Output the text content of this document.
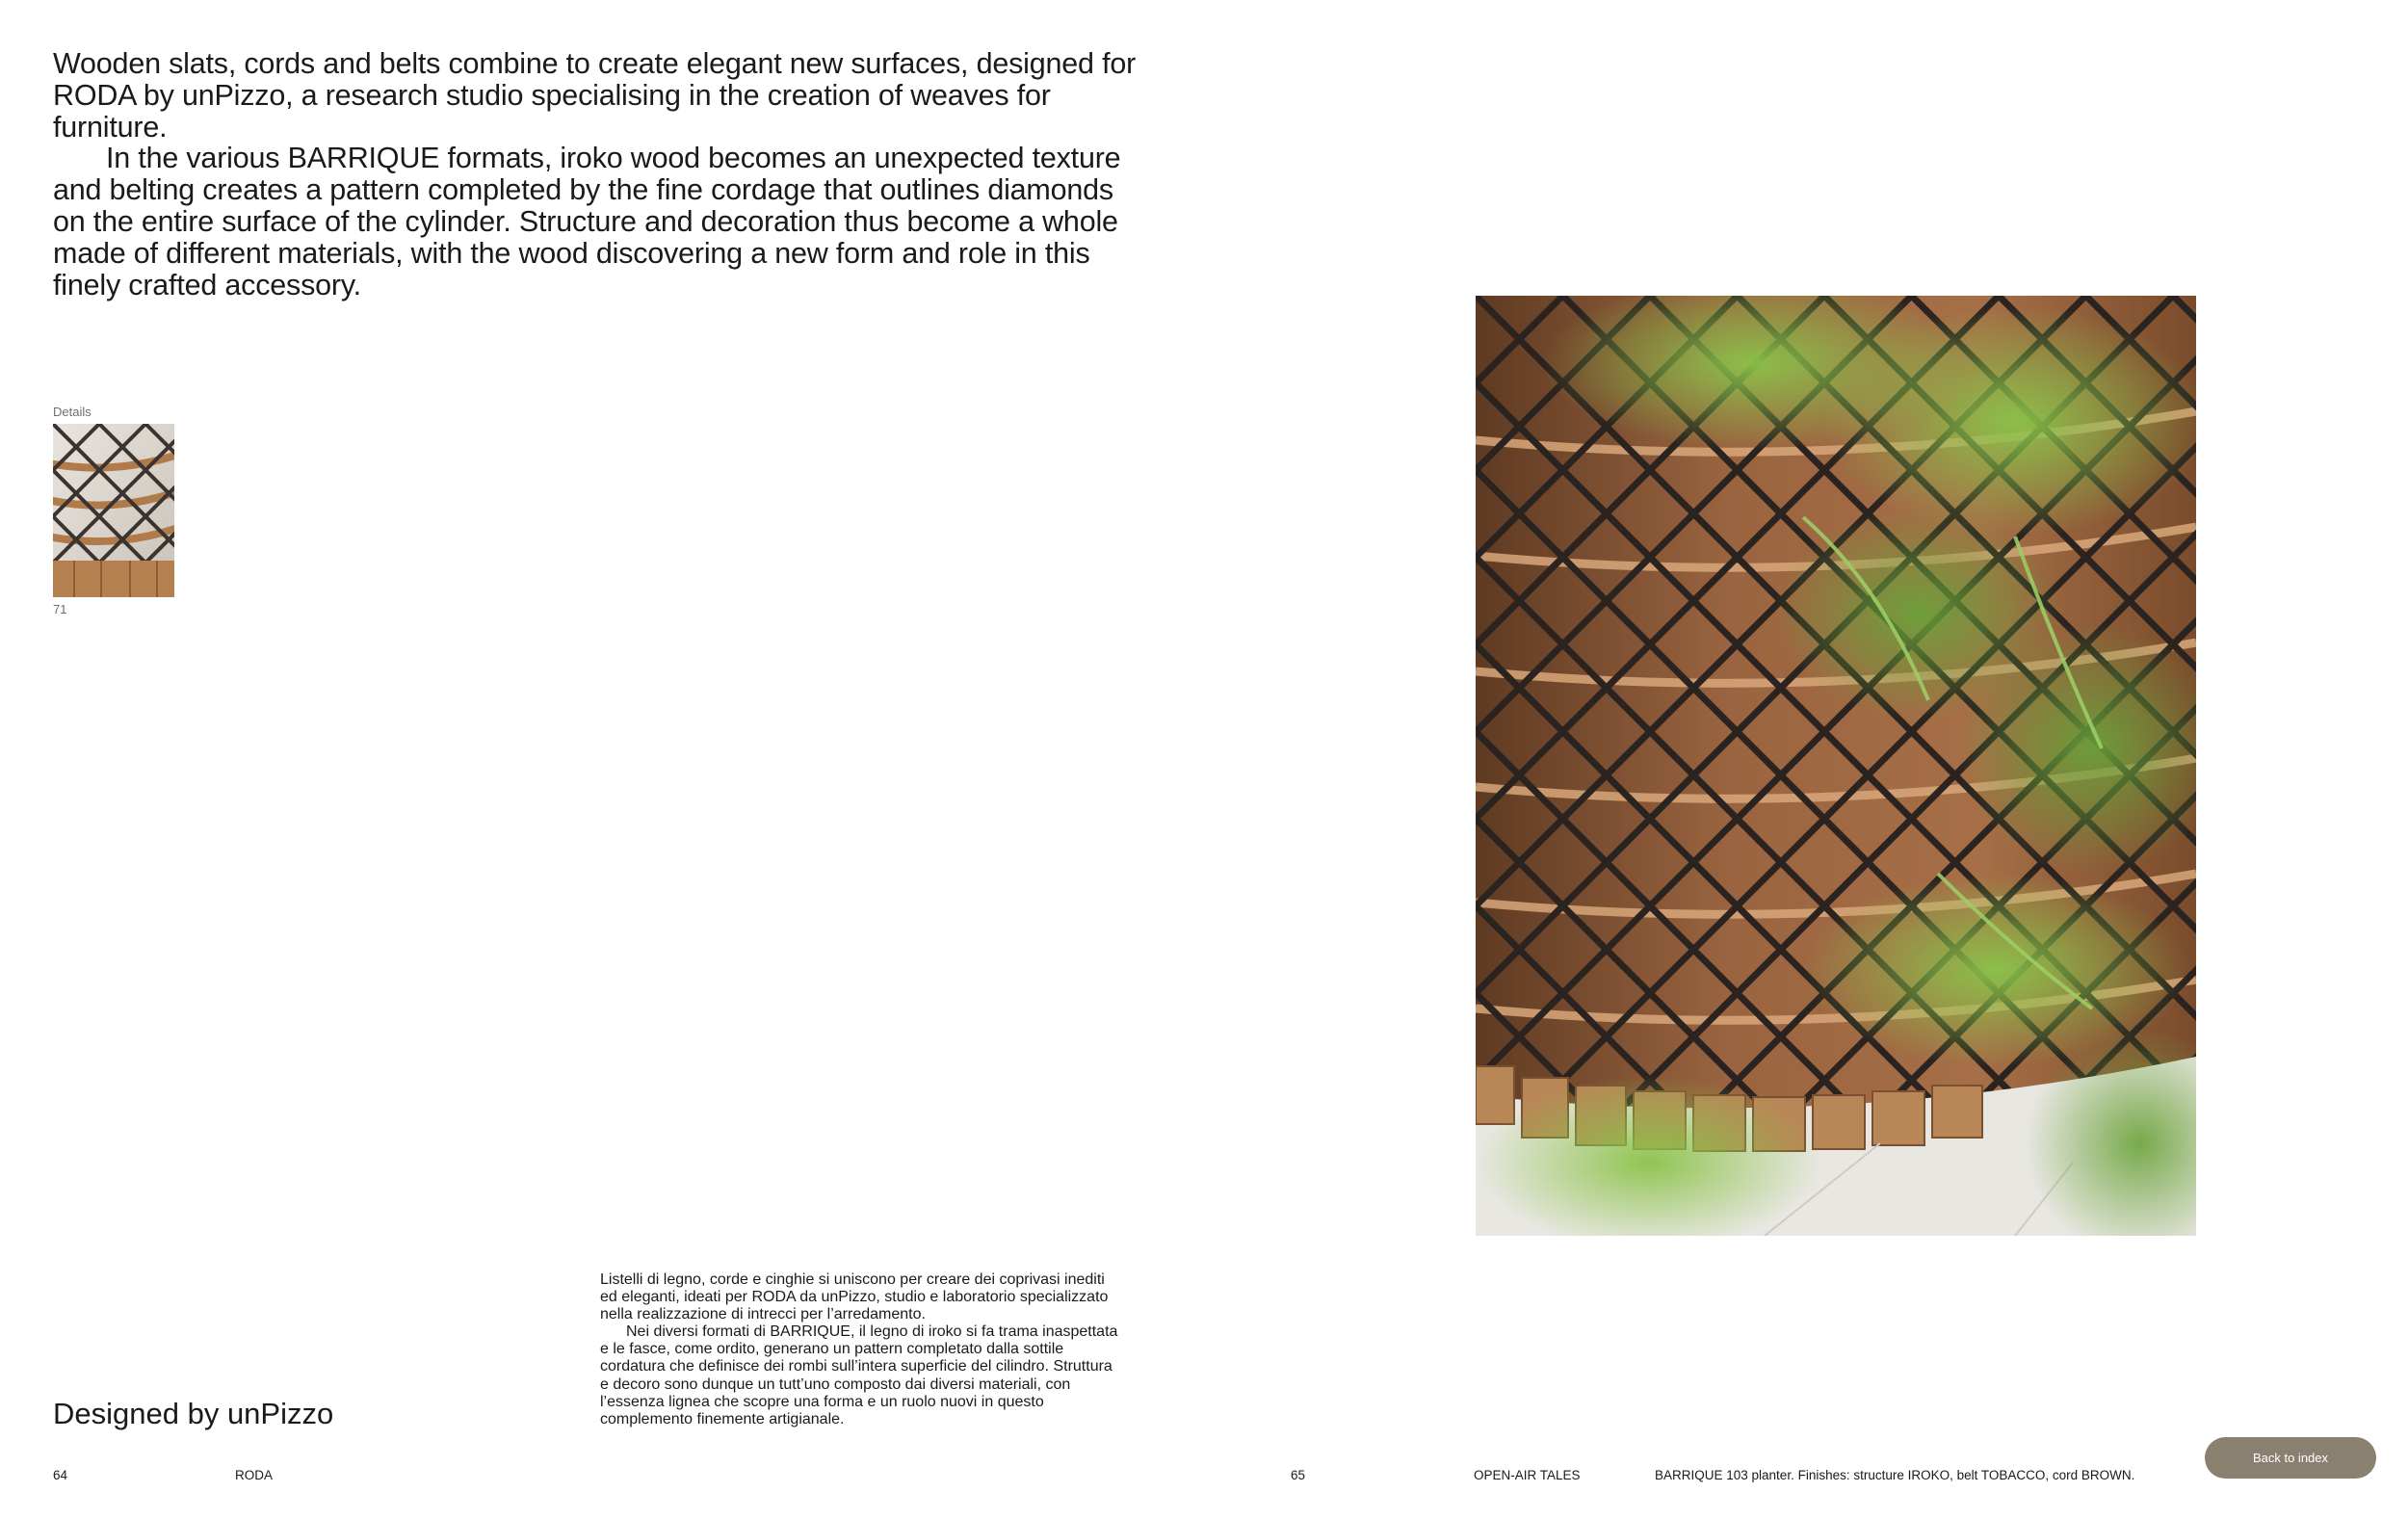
Wooden slats, cords and belts combine to create elegant new surfaces, designed for RODA by unPizzo, a research studio specialising in the creation of weaves for furniture.

In the various BARRIQUE formats, iroko wood becomes an unexpected texture and belting creates a pattern completed by the fine cordage that outlines diamonds on the entire surface of the cylinder. Structure and decoration thus become a whole made of different materials, with the wood discovering a new form and role in this finely crafted accessory.

Details
71

Listelli di legno, corde e cinghie si uniscono per creare dei coprivasi inediti ed eleganti, ideati per RODA da unPizzo, studio e laboratorio specializzato nella realizzazione di intrecci per l’arredamento.

Nei diversi formati di BARRIQUE, il legno di iroko si fa trama inaspettata e le fasce, come ordito, generano un pattern completato dalla sottile cordatura che definisce dei rombi sull’intera superficie del cilindro. Struttura e decoro sono dunque un tutt’uno composto dai diversi materiali, con l’essenza lignea che scopre una forma e un ruolo nuovi in questo complemento finemente artigianale.

Designed by unPizzo
64	RODA	65	OPEN-AIR TALES	BARRIQUE 103 planter. Finishes: structure IROKO, belt TOBACCO, cord BROWN.
Back to index
